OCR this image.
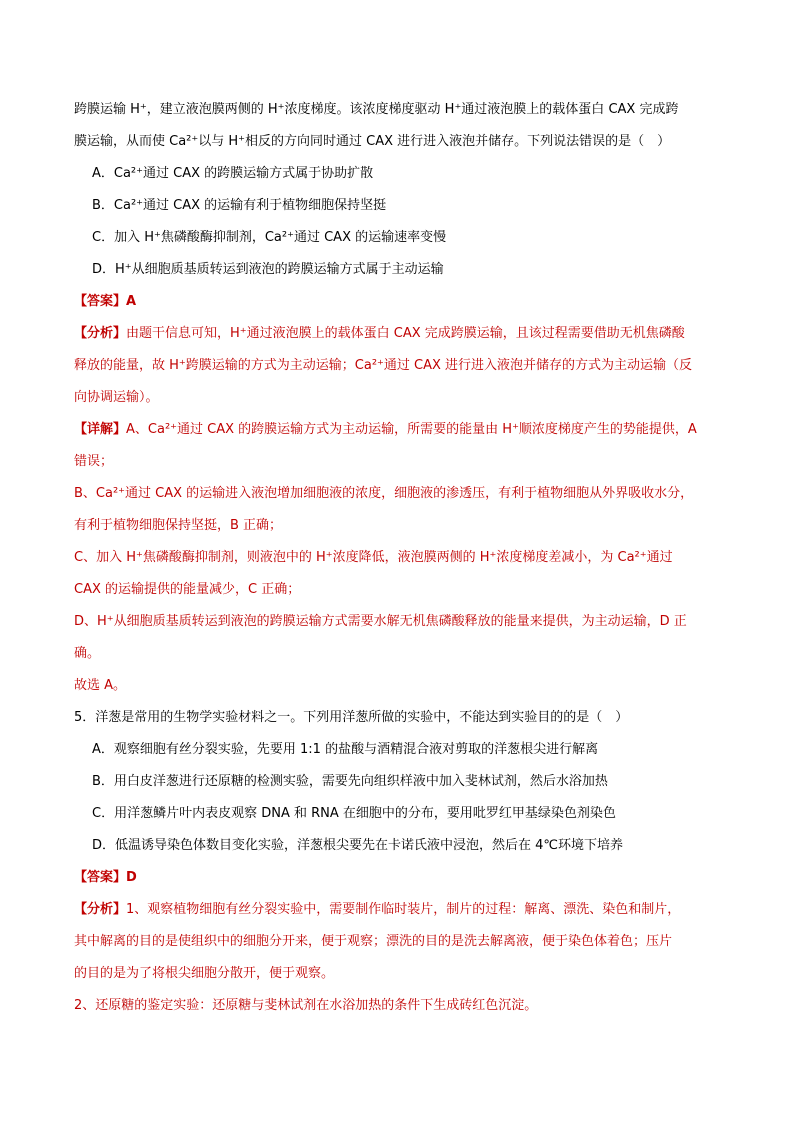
跨膜运输 H⁺，建立液泡膜两侧的 H⁺浓度梯度。该浓度梯度驱动 H⁺通过液泡膜上的载体蛋白 CAX 完成跨
膜运输，从而使 Ca²⁺以与 H⁺相反的方向同时通过 CAX 进行进入液泡并储存。下列说法错误的是（　）
A．Ca²⁺通过 CAX 的跨膜运输方式属于协助扩散
B．Ca²⁺通过 CAX 的运输有利于植物细胞保持坚挺
C．加入 H⁺焦磷酸酶抑制剂，Ca²⁺通过 CAX 的运输速率变慢
D．H⁺从细胞质基质转运到液泡的跨膜运输方式属于主动运输
【答案】A
【分析】由题干信息可知，H⁺通过液泡膜上的载体蛋白 CAX 完成跨膜运输，且该过程需要借助无机焦磷酸
释放的能量，故 H⁺跨膜运输的方式为主动运输；Ca²⁺通过 CAX 进行进入液泡并储存的方式为主动运输（反
向协调运输）。
【详解】A、Ca²⁺通过 CAX 的跨膜运输方式为主动运输，所需要的能量由 H⁺顺浓度梯度产生的势能提供，A
错误；
B、Ca²⁺通过 CAX 的运输进入液泡增加细胞液的浓度，细胞液的渗透压，有利于植物细胞从外界吸收水分，
有利于植物细胞保持坚挺，B 正确；
C、加入 H⁺焦磷酸酶抑制剂，则液泡中的 H⁺浓度降低，液泡膜两侧的 H⁺浓度梯度差减小，为 Ca²⁺通过
CAX 的运输提供的能量减少，C 正确；
D、H⁺从细胞质基质转运到液泡的跨膜运输方式需要水解无机焦磷酸释放的能量来提供，为主动运输，D 正
确。
故选 A。
5．洋葱是常用的生物学实验材料之一。下列用洋葱所做的实验中，不能达到实验目的的是（　）
A．观察细胞有丝分裂实验，先要用 1:1 的盐酸与酒精混合液对剪取的洋葱根尖进行解离
B．用白皮洋葱进行还原糖的检测实验，需要先向组织样液中加入斐林试剂，然后水浴加热
C．用洋葱鳞片叶内表皮观察 DNA 和 RNA 在细胞中的分布，要用吡罗红甲基绿染色剂染色
D．低温诱导染色体数目变化实验，洋葱根尖要先在卡诺氏液中浸泡，然后在 4℃环境下培养
【答案】D
【分析】1、观察植物细胞有丝分裂实验中，需要制作临时装片，制片的过程：解离、漂洗、染色和制片，
其中解离的目的是使组织中的细胞分开来，便于观察；漂洗的目的是洗去解离液，便于染色体着色；压片
的目的是为了将根尖细胞分散开，便于观察。
2、还原糖的鉴定实验：还原糖与斐林试剂在水浴加热的条件下生成砖红色沉淀。
